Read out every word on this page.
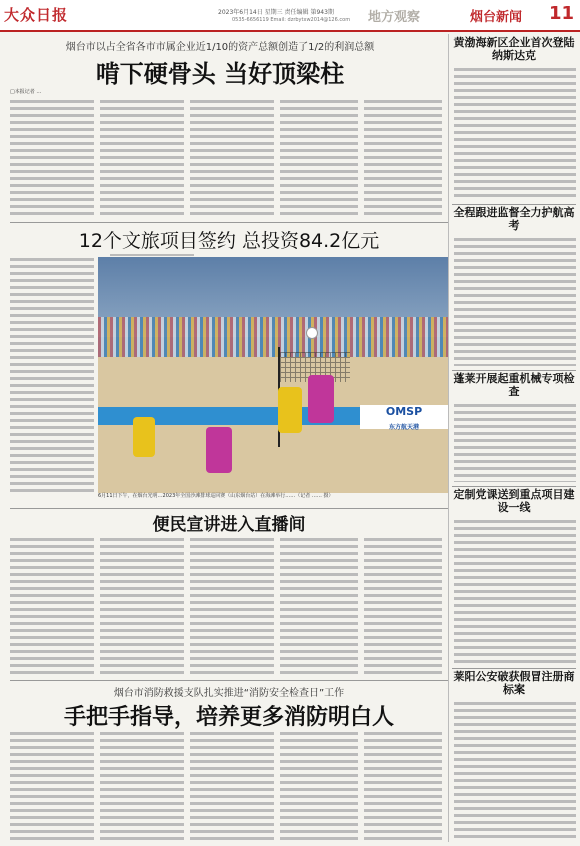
大众日报	2023年6月14日 星期三 责任编辑 第943期
0535-6656119 Email: dzrbytxw2014@126.com 地方观察	烟台新闻 11
烟台市以占全省各市市属企业近1/10的资产总额创造了1/2的利润总额
啃下硬骨头 当好顶梁柱
□本报记者 …
12个文旅项目签约 总投资84.2亿元
OMSP
东方航天港
6月11日下午，在烟台光明…2023年全国沙滩排球巡回赛（山东烟台站）在海滩举行……（记者 …… 摄）
便民宣讲进入直播间
烟台市消防救援支队扎实推进“消防安全检查日”工作
手把手指导，培养更多消防明白人
黄渤海新区企业首次登陆纳斯达克
全程跟进监督全力护航高考
蓬莱开展起重机械专项检查
定制党课送到重点项目建设一线
莱阳公安破获假冒注册商标案
